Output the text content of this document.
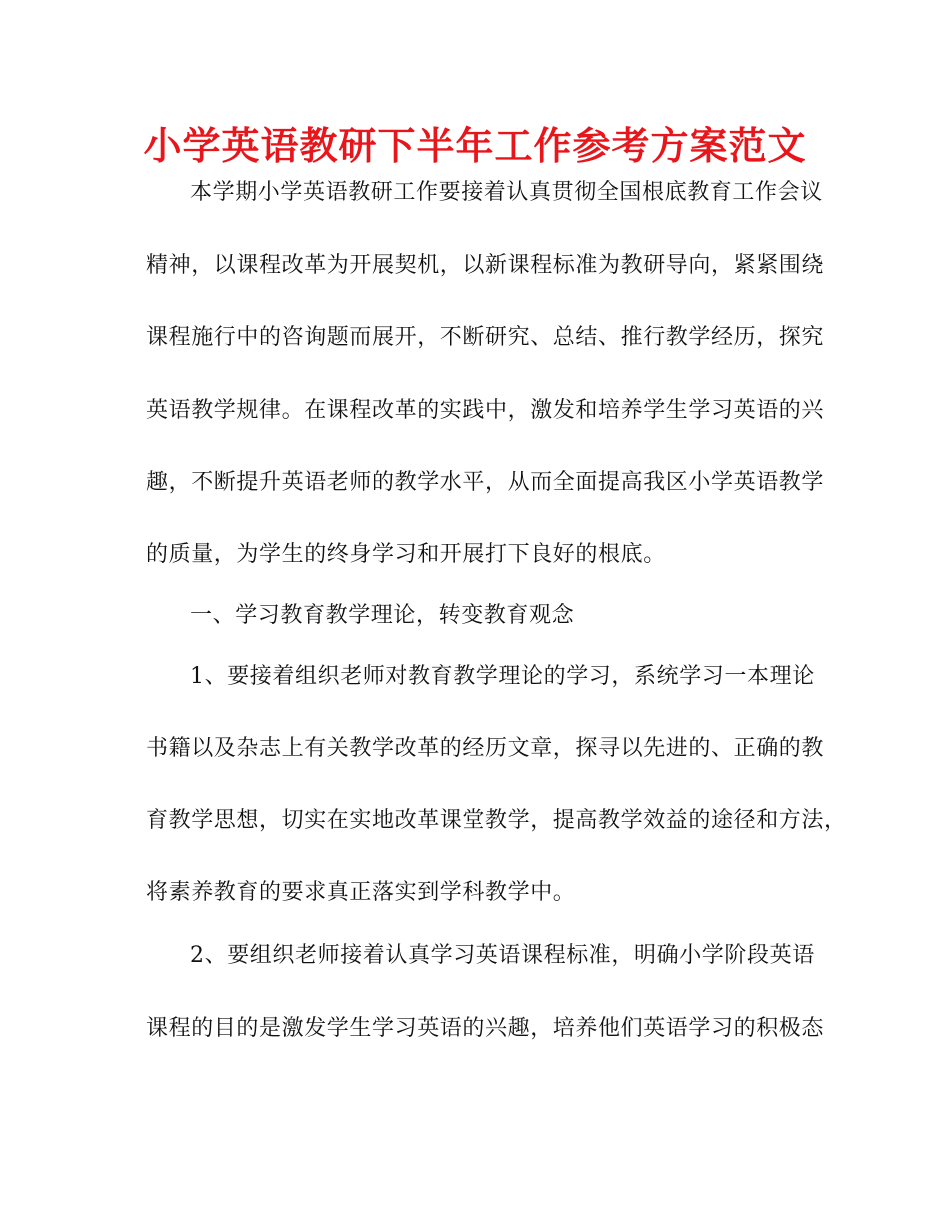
小学英语教研下半年工作参考方案范文

本学期小学英语教研工作要接着认真贯彻全国根底教育工作会议

精神，以课程改革为开展契机，以新课程标准为教研导向，紧紧围绕

课程施行中的咨询题而展开，不断研究、总结、推行教学经历，探究

英语教学规律。在课程改革的实践中，激发和培养学生学习英语的兴

趣，不断提升英语老师的教学水平，从而全面提高我区小学英语教学

的质量，为学生的终身学习和开展打下良好的根底。

一、学习教育教学理论，转变教育观念

1、要接着组织老师对教育教学理论的学习，系统学习一本理论

书籍以及杂志上有关教学改革的经历文章，探寻以先进的、正确的教

育教学思想，切实在实地改革课堂教学，提高教学效益的途径和方法，

将素养教育的要求真正落实到学科教学中。

2、要组织老师接着认真学习英语课程标准，明确小学阶段英语

课程的目的是激发学生学习英语的兴趣，培养他们英语学习的积极态
